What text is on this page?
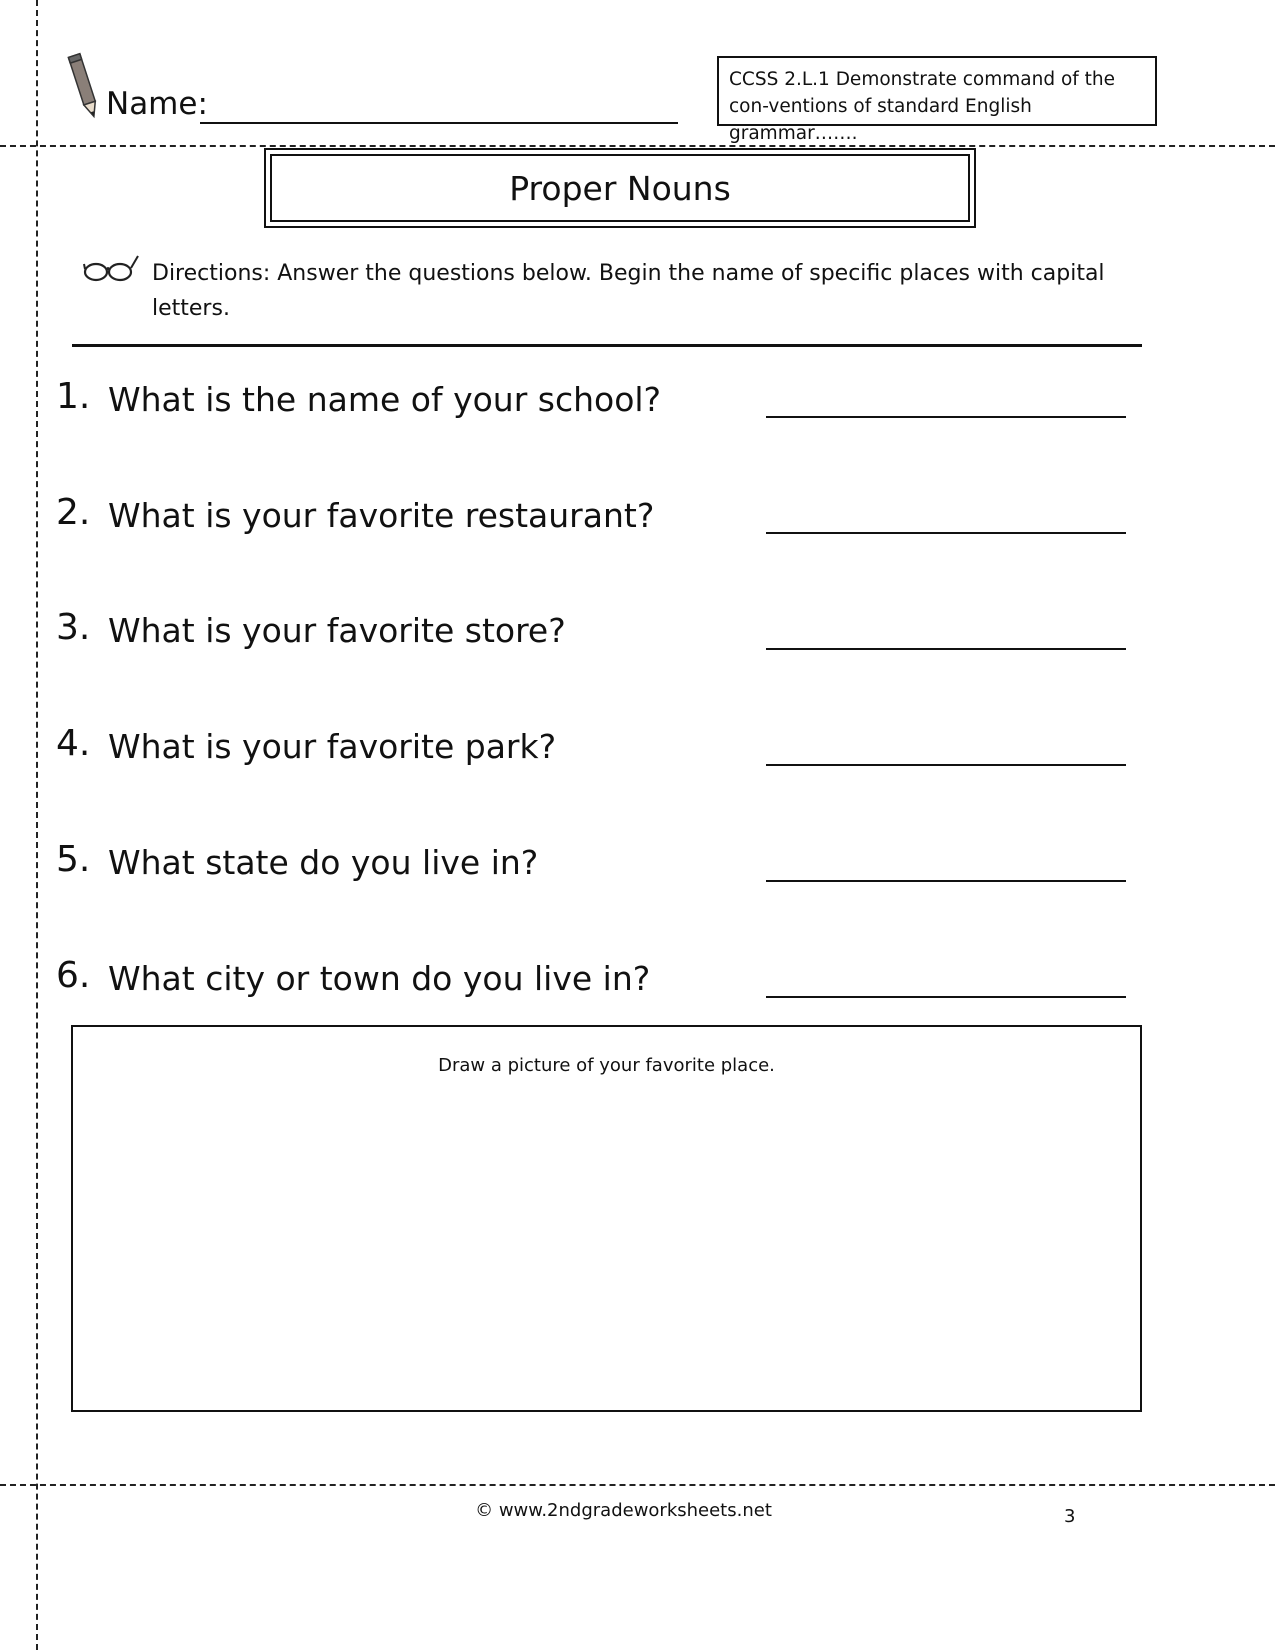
Name:
CCSS 2.L.1 Demonstrate command of the con-ventions of standard English grammar…….
Proper Nouns
Directions: Answer the questions below. Begin the name of specific places with capital letters.
1. What is the name of your school?
2. What is your favorite restaurant?
3. What is your favorite store?
4. What is your favorite park?
5. What state do you live in?
6. What city or town do you live in?
Draw a picture of your favorite place.
© www.2ndgradeworksheets.net	3
